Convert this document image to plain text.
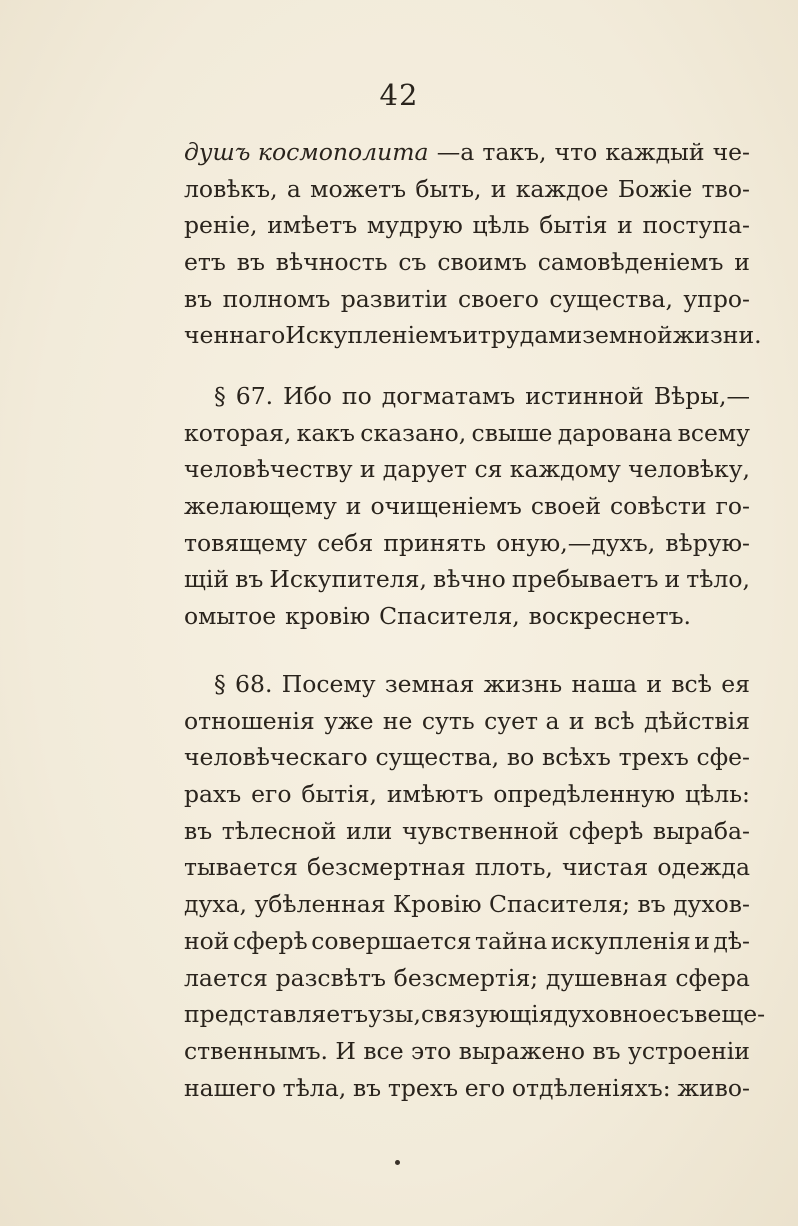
42
душъ космополита —а такъ, что каждый че-
ловѣкъ, а можетъ быть, и каждое Божіе тво-
реніе, имѣетъ мудрую цѣль бытія и поступа-
етъ въ вѣчность съ своимъ самовѣденіемъ и
въ полномъ развитіи своего существа, упро-
ченнаго Искупленіемъ и трудами земной жизни.
§ 67. Ибо по догматамъ истинной Вѣры,—
которая, какъ сказано, свыше дарована всему
человѣчеству и дарует ся каждому человѣку,
желающему и очищеніемъ своей совѣсти го-
товящему себя принять оную,—духъ, вѣрую-
щій въ Искупителя, вѣчно пребываетъ и тѣло,
омытое кровію Спасителя, воскреснетъ.
§ 68. Посему земная жизнь наша и всѣ ея
отношенія уже не суть сует а и всѣ дѣйствія
человѣческаго существа, во всѣхъ трехъ сфе-
рахъ его бытія, имѣютъ опредѣленную цѣль:
въ тѣлесной или чувственной сферѣ выраба-
тывается безсмертная плоть, чистая одежда
духа, убѣленная Кровію Спасителя; въ духов-
ной сферѣ совершается тайна искупленія и дѣ-
лается разсвѣтъ безсмертія; душевная сфера
представляетъ узы, связующія духовное съ веще-
ственнымъ. И все это выражено въ устроеніи
нашего тѣла, въ трехъ его отдѣленіяхъ: живо-
